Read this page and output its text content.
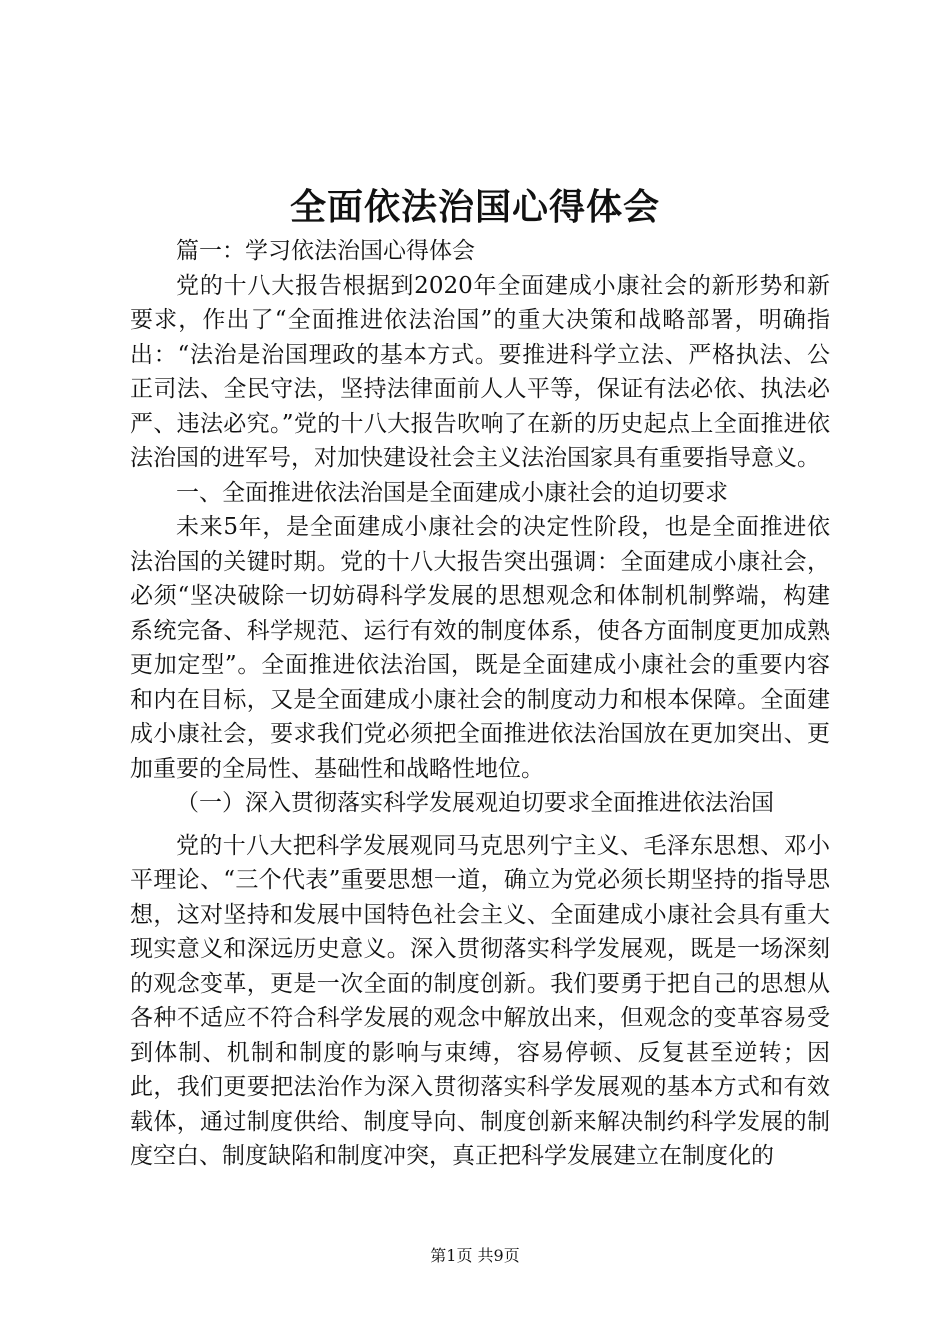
全面依法治国心得体会

篇一：学习依法治国心得体会

党的十八大报告根据到2020年全面建成小康社会的新形势和新要求，作出了“全面推进依法治国”的重大决策和战略部署，明确指出：“法治是治国理政的基本方式。要推进科学立法、严格执法、公正司法、全民守法，坚持法律面前人人平等，保证有法必依、执法必严、违法必究。”党的十八大报告吹响了在新的历史起点上全面推进依法治国的进军号，对加快建设社会主义法治国家具有重要指导意义。

一、全面推进依法治国是全面建成小康社会的迫切要求

未来5年，是全面建成小康社会的决定性阶段，也是全面推进依法治国的关键时期。党的十八大报告突出强调：全面建成小康社会，必须“坚决破除一切妨碍科学发展的思想观念和体制机制弊端，构建系统完备、科学规范、运行有效的制度体系，使各方面制度更加成熟更加定型”。全面推进依法治国，既是全面建成小康社会的重要内容和内在目标，又是全面建成小康社会的制度动力和根本保障。全面建成小康社会，要求我们党必须把全面推进依法治国放在更加突出、更加重要的全局性、基础性和战略性地位。

（一）深入贯彻落实科学发展观迫切要求全面推进依法治国

党的十八大把科学发展观同马克思列宁主义、毛泽东思想、邓小平理论、“三个代表”重要思想一道，确立为党必须长期坚持的指导思想，这对坚持和发展中国特色社会主义、全面建成小康社会具有重大现实意义和深远历史意义。深入贯彻落实科学发展观，既是一场深刻的观念变革，更是一次全面的制度创新。我们要勇于把自己的思想从各种不适应不符合科学发展的观念中解放出来，但观念的变革容易受到体制、机制和制度的影响与束缚，容易停顿、反复甚至逆转；因此，我们更要把法治作为深入贯彻落实科学发展观的基本方式和有效载体，通过制度供给、制度导向、制度创新来解决制约科学发展的制度空白、制度缺陷和制度冲突，真正把科学发展建立在制度化的

第1页 共9页
